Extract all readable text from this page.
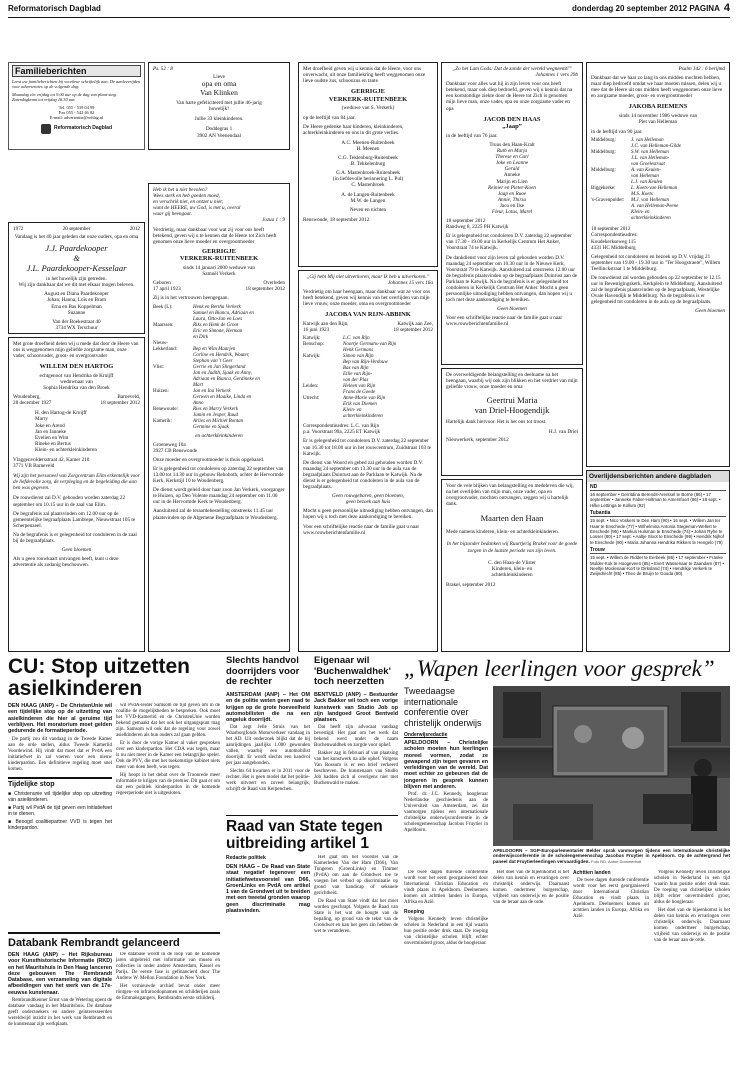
Reformatorisch Dagblad	donderdag 20 september 2012 PAGINA 4
Familieberichten

Leest uw familieberichten bij voorkeur schriftelijk aan. De aanleverijden voor advertenties op de volgende dag:

Maandag t/m vrijdag tot 9.00 uur op de dag van plaat-sing. Zaterdagkrant tot vrijdag 16.30 uur.

Tel. 055 - 539 04 99

Fax 055 - 542 46 02

E-mail: advertentie@refdag.nl

Reformatorisch Dagblad

Ps. 52 : 8

Lieve

opa en oma

Van Klinken

Van harte gefeliciteerd met jullie 46-jarig

huwelijk!

Jullie 33 kleinkinderen.

Doddegras 1

3902 AN Veenendaal

1972	20 september	2012

Vandaag is het 40 jaar geleden dat onze ouders, opa en oma

J.J. Paardekooper

&

J.L. Paardekooper-Kesselaar

in het huwelijk zijn getreden.

Wij zijn dankbaar dat we dit met elkaar mogen beleven.

August en Diana Paardekooper

Johan, Hanna, Loïs en Bram

Erna en Bas Koppelman

Suzanne

Van der Boekestraat 40

3734 WX Terschuur

Met grote droefheid delen wij u mede dat door de Heere van ons is weggenomen mijn geliefde zorgzame man, onze vader, schoonvader, groot- en overgrootvader

WILLEM DEN HARTOG

echtgenoot van Hendrika de Kruijff

weduwnaar van

Sophia Hendrika van den Broek

Woudenberg,

28 december 1927

Barneveld,

18 september 2012

H. den Hartog-de Kruijff

Marry

Joke en Arend

Jan en Janneke

Evelien en Wim

Rineke en Bertus

Klein- en achterkleinkinderen

Vlaggenvoldersstraat 42, Kamer 210

3771 VB Barneveld

Wij zijn het personeel van Zorgcentrum Elim erkentelijk voor de liefdevolle zorg, de verpleging en de begeleiding die aan hen was gegeven.

De rouwdienst zal D.V. gehouden worden zaterdag 22 september om 10.15 uur in de zaal van Elim.

De begrafenis zal plaatsvinden om 12.00 uur op de gemeentelijke begraafplaats Lambrepe, Nieuwstraat 105 te Scherpenzeel.

Na de begrafenis is er gelegenheid tot condoleren in de zaal bij de begraafplaats.

Geen bloemen

Als u geen rouwkaart ontvangen heeft, kunt u deze advertentie als zodanig beschouwen.

Heb ik het u niet bevolen?

Wees sterk en heb goeden moed,

en verschrik niet, en ontzet u niet;

want de HEERE, uw God, is met u, overal

waar gij heengaat.

Jozua 1 : 9

Verdrietig, maar dankbaar voor wat zij voor ons heeft betekend, geven wij u te kennen dat de Heere tot Zich heeft genomen onze lieve moeder en overgrootmoeder

GERRIGJE

VERKERK-RUITENBEEK

sinds 14 januari 2000 weduwe van

Samuël Verkerk

Geboren

17 april 1923

Overleden

18 september 2012

Zij is in het vertrouwen heengegaan.

Beek (L):	Henk en Bertha Verkerk
Samuel en Bianca, Adriaan en
Laura, Otto-Jan en Loes
Maarssen:	Riks en Henk de Groot
Eric en Simone, Herman
en Dirk
Nieuw-
Lekkerland:	Bep en Wim Maarjen
Corline en Hendrik, Wouter,
Stephan van 't Geer
Vlist:	Gerrie en Jan Slingerland
Jan en Judith, Sjaak en Anny,
Adriaan en Bianca, Gerdineke en
Mart
Huizen:	Jan en Ina Verkerk
Gerwen en Maaike, Linda en
Anno
Benewoude:	Ries en Marry Verkerk
Jamin en Jesper, Ruud
Kamerik:	Arlies en Michiel Bontan
Germine en Sjaak

en achterkleinkinderen

Groeneweg 10a

3927 CB Renswoude

Onze moeder en overgrootmoeder is thuis opgebaard.

Er is gelegenheid tot condoleren op zaterdag 22 september van 13.00 tot 14.30 uur in gebouw Rehoboth, achter de Hervormde Kerk, Kerkstijl 10 te Woudenberg.

De dienst wordt geleid door haar zoon Jan Verkerk, voorganger te Huizen, op Deo Volente maandag 24 september om 11.00 uur in de Hervormde Kerk te Woudenberg.

Aansluitend zal de teraardebestelling omstreeks 11.45 uur plaatsvinden op de Algemene Begraafplaats te Woudenberg.

Met droefheid geven wij u kennis dat de Heere, voor ons onverwacht, uit onze familiekring heeft weggenomen onze lieve oudste zus, schoonzus en tante

GERRIGJE

VERKERK-RUITENBEEK

(weduwe van S. Verkerk)

op de leeftijd van 84 jaar.

De Heere gedenke haar kinderen, kleinkinderen, achterkleinkinderen en ons in dit grote verlies.

A.C. Meenen-Ruitenbeek

H. Meenen

C.G. Teklenburg-Ruitenbeek

B. Tekkelenburg

G.A. Mastenbroek-Ruitenbeek

(in liefdevolle herinnering L. Pul)

C. Mastenbroek

A. de Langen-Ruitenbeek

M.W. de Langen

Neven en nichten

Renswoude, 18 september 2012

„Gij hebt Mij niet uitverkoren, maar Ik heb u uitverkoren.”

Johannes 15 vers 16a

Verdrietig om haar heengaan, maar dankbaar wat ze voor ons heeft betekend, geven wij kennis van het overlijden van mijn lieve vrouw, onze moeder, oma en overgrootmoeder

JACOBA VAN RIJN-ABBINK

Katwijk aan den Rijn,

16 juni 1923

Katwijk aan Zee,

18 september 2012

Katwijk:	L.C. van Rijn
Benschop:	Noortje Germans-van Rijn
Henk Germans
Katwijk:	Simon van Rijn
Bep van Rijn-Verdouw
Bas van Rijn
Ellie van Rijn-
van der Plas
Leiden:	Heleen van Rijn
Frans de Goede
Utrecht:	Anne-Marie van Rijn
Erik van Diemen
Klein- en
achterkleinkinderen

Correspondentieadres: L.C. van Rijn

p.a. Voorstraat 99a, 2225 ET Katwijk

Er is gelegenheid tot condoleren D.V. zaterdag 22 september van 16.30 tot 18.00 uur in het rouwcentrum, Zuidstraat 103 te Katwijk.

De dienst van Woord en gebed zal gehouden worden D.V. maandag 24 september om 13.30 uur in de aula van de begraafplaats Duinrust aan de Parklaan te Katwijk. Na de dienst is er gelegenheid tot condoleren in de aula van de begraafplaats.

Geen rouwgebaren, geen bloemen,

geen bezoek aan huis

Mocht u geen persoonlijke uitnodiging hebben ontvangen, dan hopen wij u toch met deze aankondiging te bereiken.

Voor een schriftelijke reactie naar de familie gaat u naar www.rouwberichtenfamilie.nl

„Zo het Lam Gods: Dat de zonde der wereld wegneemt!”

Johannes 1 vers 29b

Dankbaar voor alles wat hij in zijn leven voor ons heeft betekend, maar ook diep bedroefd, geven wij u kennis dat na een kortstondige ziekte door de Heere tot Zich is genomen mijn lieve man, onze vader, opa en onze zorgzame vader en opa

JACOB DEN HAAS

„Jaap”

in de leeftijd van 76 jaar.

Truus den Haan-Kralt

Ruth en Marja

Therese en Carl

Joke en Leanne

Gerald

Anneke

Marijn en Lien

Reinier en Pieter-Koen

Jaap en Ruoe

Annie, Thirsa

Jaco en Ilse

Fleur, Lotus, Marel

18 september 2012

Randweg 8, 2225 PH Katwijk

Er is gelegenheid tot condoleren D.V. zaterdag 22 september van 17.30 - 19.00 uur in Kerkelijk Centrum Het Anker, Voorstraat 74 te Katwijk.

De dankdienst voor zijn leven zal gehouden worden D.V. maandag 24 september om 10.30 uur in de Nieuwe Kerk, Voorstraat 79 te Katwijk. Aansluitend zal omstreeks 12.00 uur de begrafenis plaatsvinden op de begraafplaats Duinrust aan de Parklaan te Katwijk. Na de begrafenis is er gelegenheid tot condoleren in Kerkelijk Centrum Het Anker. Mocht u geen persoonlijke uitnodiging hebben ontvangen, dan hopen wij u toch met deze aankondiging te bereiken.

Geen bloemen

Voor een schriftelijke reactie naar de familie gaat u naar www.rouwberichtenfamilie.nl

De overweldigende belangstelling en deelname na het heengaan, waarbij wij ook zijn blikken en het verdriet van mijn geliefde vrouw, onze moeder en oma

Geertrui Maria

van Driel-Hoogendijk

Hartelijk dank hiervoor. Het is het ons tot troost.

H.J. van Driel

Nieuwerkerk, september 2012

Voor de vele blijken van belangstelling en medeleven die wij, na het overlijden van mijn man, onze vader, opa en overgrootvader, mochten ontvangen, zeggen wij u hartelijk dank.

Maarten den Haan

Mede namens kinderen, klein- en achterkleinkinderen.

In het bijzonder bedanken wij Ruurtjerig Brakel voor de goede zorgen in de laatste periode van zijn leven.

C. den Haan-de Vlister

Kinderen, klein- en

achterkleinkinderen

Brakel, september 2012

Psalm 142 : 6 berijmd

Dankbaar dat we haar zo lang in ons midden mochten hebben, maar diep bedroefd omdat we haar moeten missen, delen wij u mee dat de Heere uit ons midden heeft weggenomen onze lieve en zorgzame moeder, groot- en overgrootmoeder

JAKOBA RIEMENS

sinds 14 november 1986 weduwe van

Piet van Helleman

in de leeftijd van 90 jaar.

Middelburg:	J. van Helleman
J.C. van Helleman-Gilde
Middelburg:	S.W. van Helleman
J.L. van Helleman-
van Groelestraat
Middelburg:	A. van Keulen-
van Helleman
L.J. van Keulen
Biggekerke:	L. Koets-van Helleman
M.S. Koets
's-Gravenpolder:	M.J. van Helleman
A. van Helleman-Peene
Klein- en
achterkleinkinderen

18 september 2012

Correspondentieadres:

Koudekerkseweg 115

4331 HC Middelburg

Gelegenheid tot condoleren en bezoek op D.V. vrijdag 21 september van 19.00 - 19.30 uur in "Ter Hoogstraete", Willem Teellinckstraat 1 te Middelburg.

De rouwdienst zal worden gehouden op 22 september te 12.15 uur in Bevestigingskerk, Kerkplein te Middelburg. Aansluitend zal de begrafenis plaatsvinden op de begraafplaats, Westelijke Ovale Havendijk te Middelburg. Na de begrafenis is er gelegenheid tot condoleren in de aula op de begraafplaats.

Geen bloemen

Overlijdensberichten andere dagbladen

ND

16 september • Gerritdina Berends-Arentsel te Borne (86) • 17 september • Janneke Faber-Holtman te Amersfoort (86) • 18 sept. • Hilke Lettinga te Kollum (92)

Tubantia

15 sept. • Nico Voskers te Den Ham (90) • 16 sept. • Willem Jan ter Haar te Enschede (77) • Wilhelmina Antonia Stegeman-Wellert te Enschede (95) • Markus Hulsman te Enschede (74) • Johan Ryhe te Losser (80) • 17 sept. • Aaltje Sloot te Enschede (99) • Hendrik Nijhof te Enschede (90) • Maria Johanna Hendrika Rikkers te Hengelo (79)

Trouw

15 sept. • Willem de Ridder te Eerbeek (85) • 17 september • Franke Mulder-Kok te Hoogeveen (85) • Evert Wassenaar te Zaandam (87) • Neeltje Moolenaar-Kort te Dirksland (74) • Hendrikje Verkerk te Zwijndrecht (85) • Theo de Bruijn te Gouda (80)

CU: Stop uitzetten asielkinderen

DEN HAAG (ANP) – De ChristenUnie wil een tijdelijke stop op de uitzetting van asielkinderen die hier al geruime tijd verblijven. Het moratorium moet gelden gedurende de formatieperiode.

De partij zou dit vandaag in de Tweede Kamer aan de orde stellen, aldus Tweede Kamerlid Voordewind. Hij vindt dat moet dat er PvdA een initiatiefwet in zal voeren voor een nieuw kinderpardon. Een definitieve regeling moet snel komen.

Tijdelijke stop

■ Christenunie wil tijdelijke stop op uitzetting van asielkinderen.

■ Partij wil PvdA de tijd geven een initiatiefwet in te dienen.

■ Beoogd coalitiepartner VVD is tegen het kinderpardon.

wil PvdA-leider Samsom de tijd geven om in de coalitie de mogelijkheden te bespreken. Ook moet het VVD-Kamerlid en de ChristenUnie worden bekend gemaakt dat het ook het uitgangspunt mag zijn. Samsom wil ook dat de regeling voor zowel asielkinderen als hun ouders zal gaan gelden.

Er is door de vorige Kamer al vaker gesproken over een kinderpardon. Het CDA was tegen, maar is nu niet meer in de Kamer een belangrijke speler. Ook de PVV, die met het toekomstige kabinet niets meer van doen heeft, was tegen.

Hij hoopt in het debat over de Troonrede meer informatie te krijgen van de premier. Dit gaat er om dat een politiek kinderpardon in de komende regeerperiode niet is uitgesloten.

Databank Rembrandt gelanceerd

DEN HAAG (ANP) – Het Rijksbureau voor Kunsthistorische Informatie (RKD) en het Mauritshuis in Den Haag lanceren deze gebouwen The Rembrandt Database, een verzameling van digitale afbeeldingen van het werk van de 17e-eeuwse kunstenaar.

Rembrandtkenner Ernst van de Wetering opent de database vandaag in het Mauritshuis. De database geeft onderzoekers en andere geïnteresseerden wereldwijd inzicht in het werk van Rembrandt en de kunstenaar zijn werkplaats.

De database wordt in de loop van de komende jaren uitgebreid met informatie van musea en collecties in onder andere Amsterdam, Kassel en Parijs. De eerste fase is gefinancierd door The Andrew W. Mellon Foundation in New York.

Het vernieuwde archief bevat onder meer röntgen- en infraroodopnamen en schilderijen zoals de Emmaüsgangers, Rembrandts eerste schilderij.

Slechts handvol doorrijders voor de rechter

AMSTERDAM (ANP) – Het OM en de politie weten geen raad te krijgen op de grote hoeveelheid automobilisten die na een ongeluk doorrijdt.

Dat zegt Jelle Struis van het Waarborgfonds Motorverkeer vandaag in het AD. Uit onderzoek blijkt dat de bij aanrijdingen jaarlijks 1.000 gewonden vallen, waarbij een automobilist doorrijdt. Er wordt slechts een handvol per jaar aangehouden.

Slechts 64 kwamen er in 2011 voor de rechter. Het is geen model dat het politie-werk uitvoert en zoveel belangrijk, schrijft de Raad van Kerpenchen.

Eigenaar wil 'Buchenwaldhek' toch neerzetten

BENTVELD (ANP) – Bestuurder Jack Bakker wil toch een vorige kunstwerk van Studio Job op zijn landgoed Groot Bentveld plaatsen.

Dat heeft zijn advocaat vandaag bevestigd. Het gaat om het werk dat bekend werd onder de naam Buchenwaldhek en zorgde voor ophef.

Bakker zag in februari af van plaatsing van het kunstwerk na alle ophef. Volgens Van Rossum is er een brief verkeerd beschreven. De kunstenaars van Studio Job hadden zich al overigens niet met Buchenwald te maken.

Raad van State tegen uitbreiding artikel 1
Redactie politiek

DEN HAAG – De Raad van State staat negatief tegenover een initiatiefwetsvoorstel van D66, GroenLinks en PvdA om artikel 1 van de Grondwet uit te breiden met een tweetal gronden waarop geen discriminatie mag plaatsvinden.

Het gaat om het voorstel van de Kamerleden Van der Ham (D66), Van Tongeren (GroenLinks) en Timmer (PvdA) om aan de Grondwet toe te voegen het verbod op discriminatie op grond van handicap of seksuele gerichtheid.

De Raad van State vindt dat het moet worden geschrapt. Volgens de Raad van State is het wat de hoogte van de bepaling, op grond van de tekst van de Grondwet en kan het geen zin hebben de wet te veranderen.

„Wapen leerlingen voor gesprek”
Tweedaagse internationale conferentie over christelijk onderwijs

Onderwijsredactie

APELDOORN – Christelijke scholen moeten hun leerlingen moreel vormen, zodat ze gewapend zijn tegen gevaren en verleidingen van de wereld. Dat moet echter zo gebeuren dat de jongeren in gesprek kunnen blijven met anderen.

Prof. dr. J.C. Kennedy, hoogleraar Nederlandse geschiedenis aan de Universiteit van Amsterdam, zei dat vanmorgen tijdens een internationale christelijke onderwijsconferentie in de scholengemeenschap Jacobus Fruytier in Apeldoorn.

APELDOORN – SGP-Europarlementariër Belder sprak vanmorgen tijdens een internationale christelijke onderwijsconferentie in de scholengemeenschap Jacobus Fruytier in Apeldoorn. Op de achtergrond het paneel dat Fruytierleerlingen vervaardigden. Foto RD, Anton Dommerholt

De twee dagen durende conferentie wordt voor het eerst georganiseerd door International Christian Education en vindt plaats in Apeldoorn. Deelnemers komen uit achttien landen in Europa, Afrika en Azië.

Roeping

Volgens Kennedy leven christelijke scholen in Nederland in een tijd waarin hun positie onder druk staat. De roeping van christelijke scholen blijft echter onverminderd groot, aldus de hoogleraar.

Het doel van de bijeenkomst is het delen van kennis en ervaringen over christelijk onderwijs. Daarnaast komen ondermeer burgerschap, vrijheid van onderwijs en de positie van de leraar aan de orde.

Achttien landen

De twee dagen durende conferentie wordt voor het eerst georganiseerd door International Christian Education en vindt plaats in Apeldoorn. Deelnemers komen uit achttien landen in Europa, Afrika en Azië.

Volgens Kennedy leven christelijke scholen in Nederland in een tijd waarin hun positie onder druk staat. De roeping van christelijke scholen blijft echter onverminderd groot, aldus de hoogleraar.

Het doel van de bijeenkomst is het delen van kennis en ervaringen over christelijk onderwijs. Daarnaast komen ondermeer burgerschap, vrijheid van onderwijs en de positie van de leraar aan de orde.
